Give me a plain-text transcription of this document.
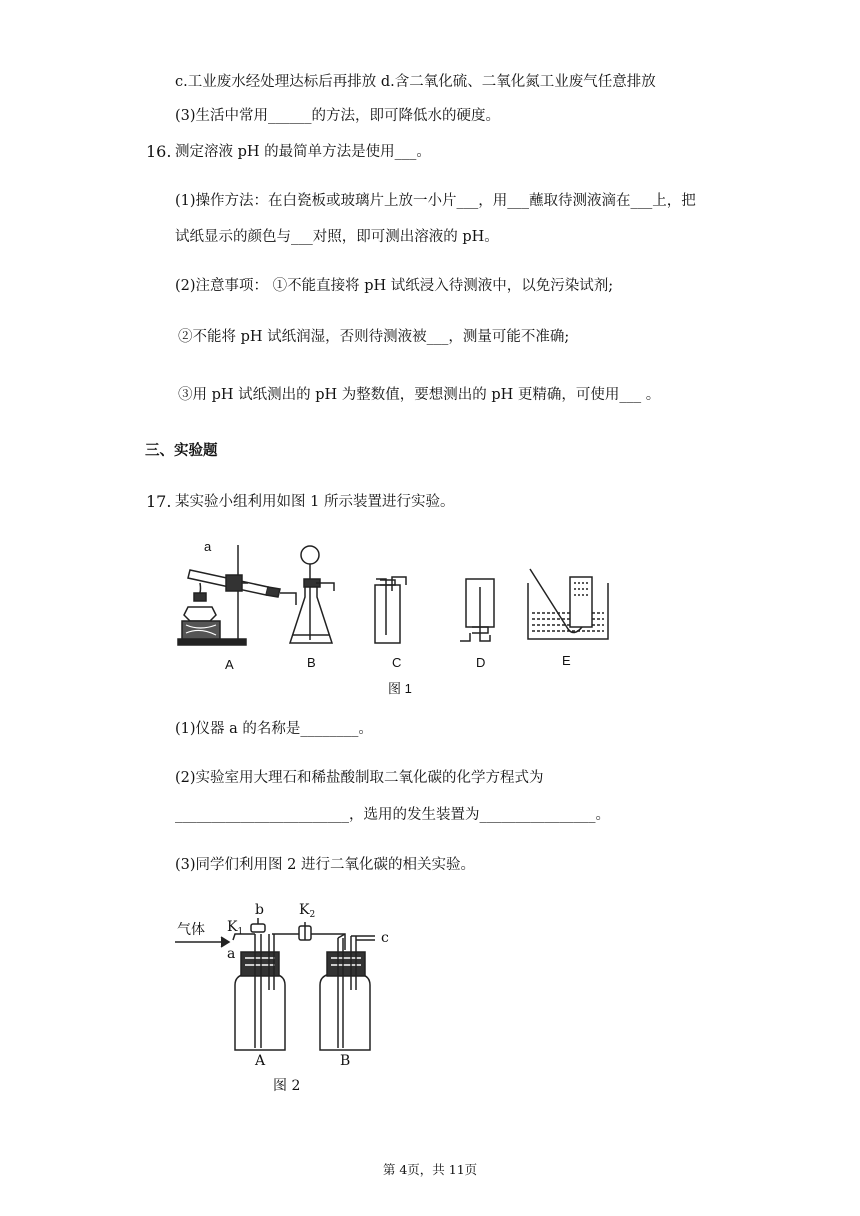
c.工业废水经处理达标后再排放 d.含二氧化硫、二氧化氮工业废气任意排放
(3)生活中常用______的方法，即可降低水的硬度。
16. 测定溶液 pH 的最简单方法是使用___。
(1)操作方法：在白瓷板或玻璃片上放一小片___，用___蘸取待测液滴在___上，把
试纸显示的颜色与___对照，即可测出溶液的 pH。
(2)注意事项： ①不能直接将 pH 试纸浸入待测液中，以免污染试剂;
②不能将 pH 试纸润湿，否则待测液被___，测量可能不准确;
③用 pH 试纸测出的 pH 为整数值，要想测出的 pH 更精确，可使用___ 。
三、实验题
17. 某实验小组利用如图 1 所示装置进行实验。
a
A	B	C	D	E
图 1
(1)仪器 a 的名称是________。
(2)实验室用大理石和稀盐酸制取二氧化碳的化学方程式为
________________________，选用的发生装置为________________。
(3)同学们利用图 2 进行二氧化碳的相关实验。
气体 $K_1$
b	$K_2$
a
c
A	B
图 2
第 4页，共 11页
